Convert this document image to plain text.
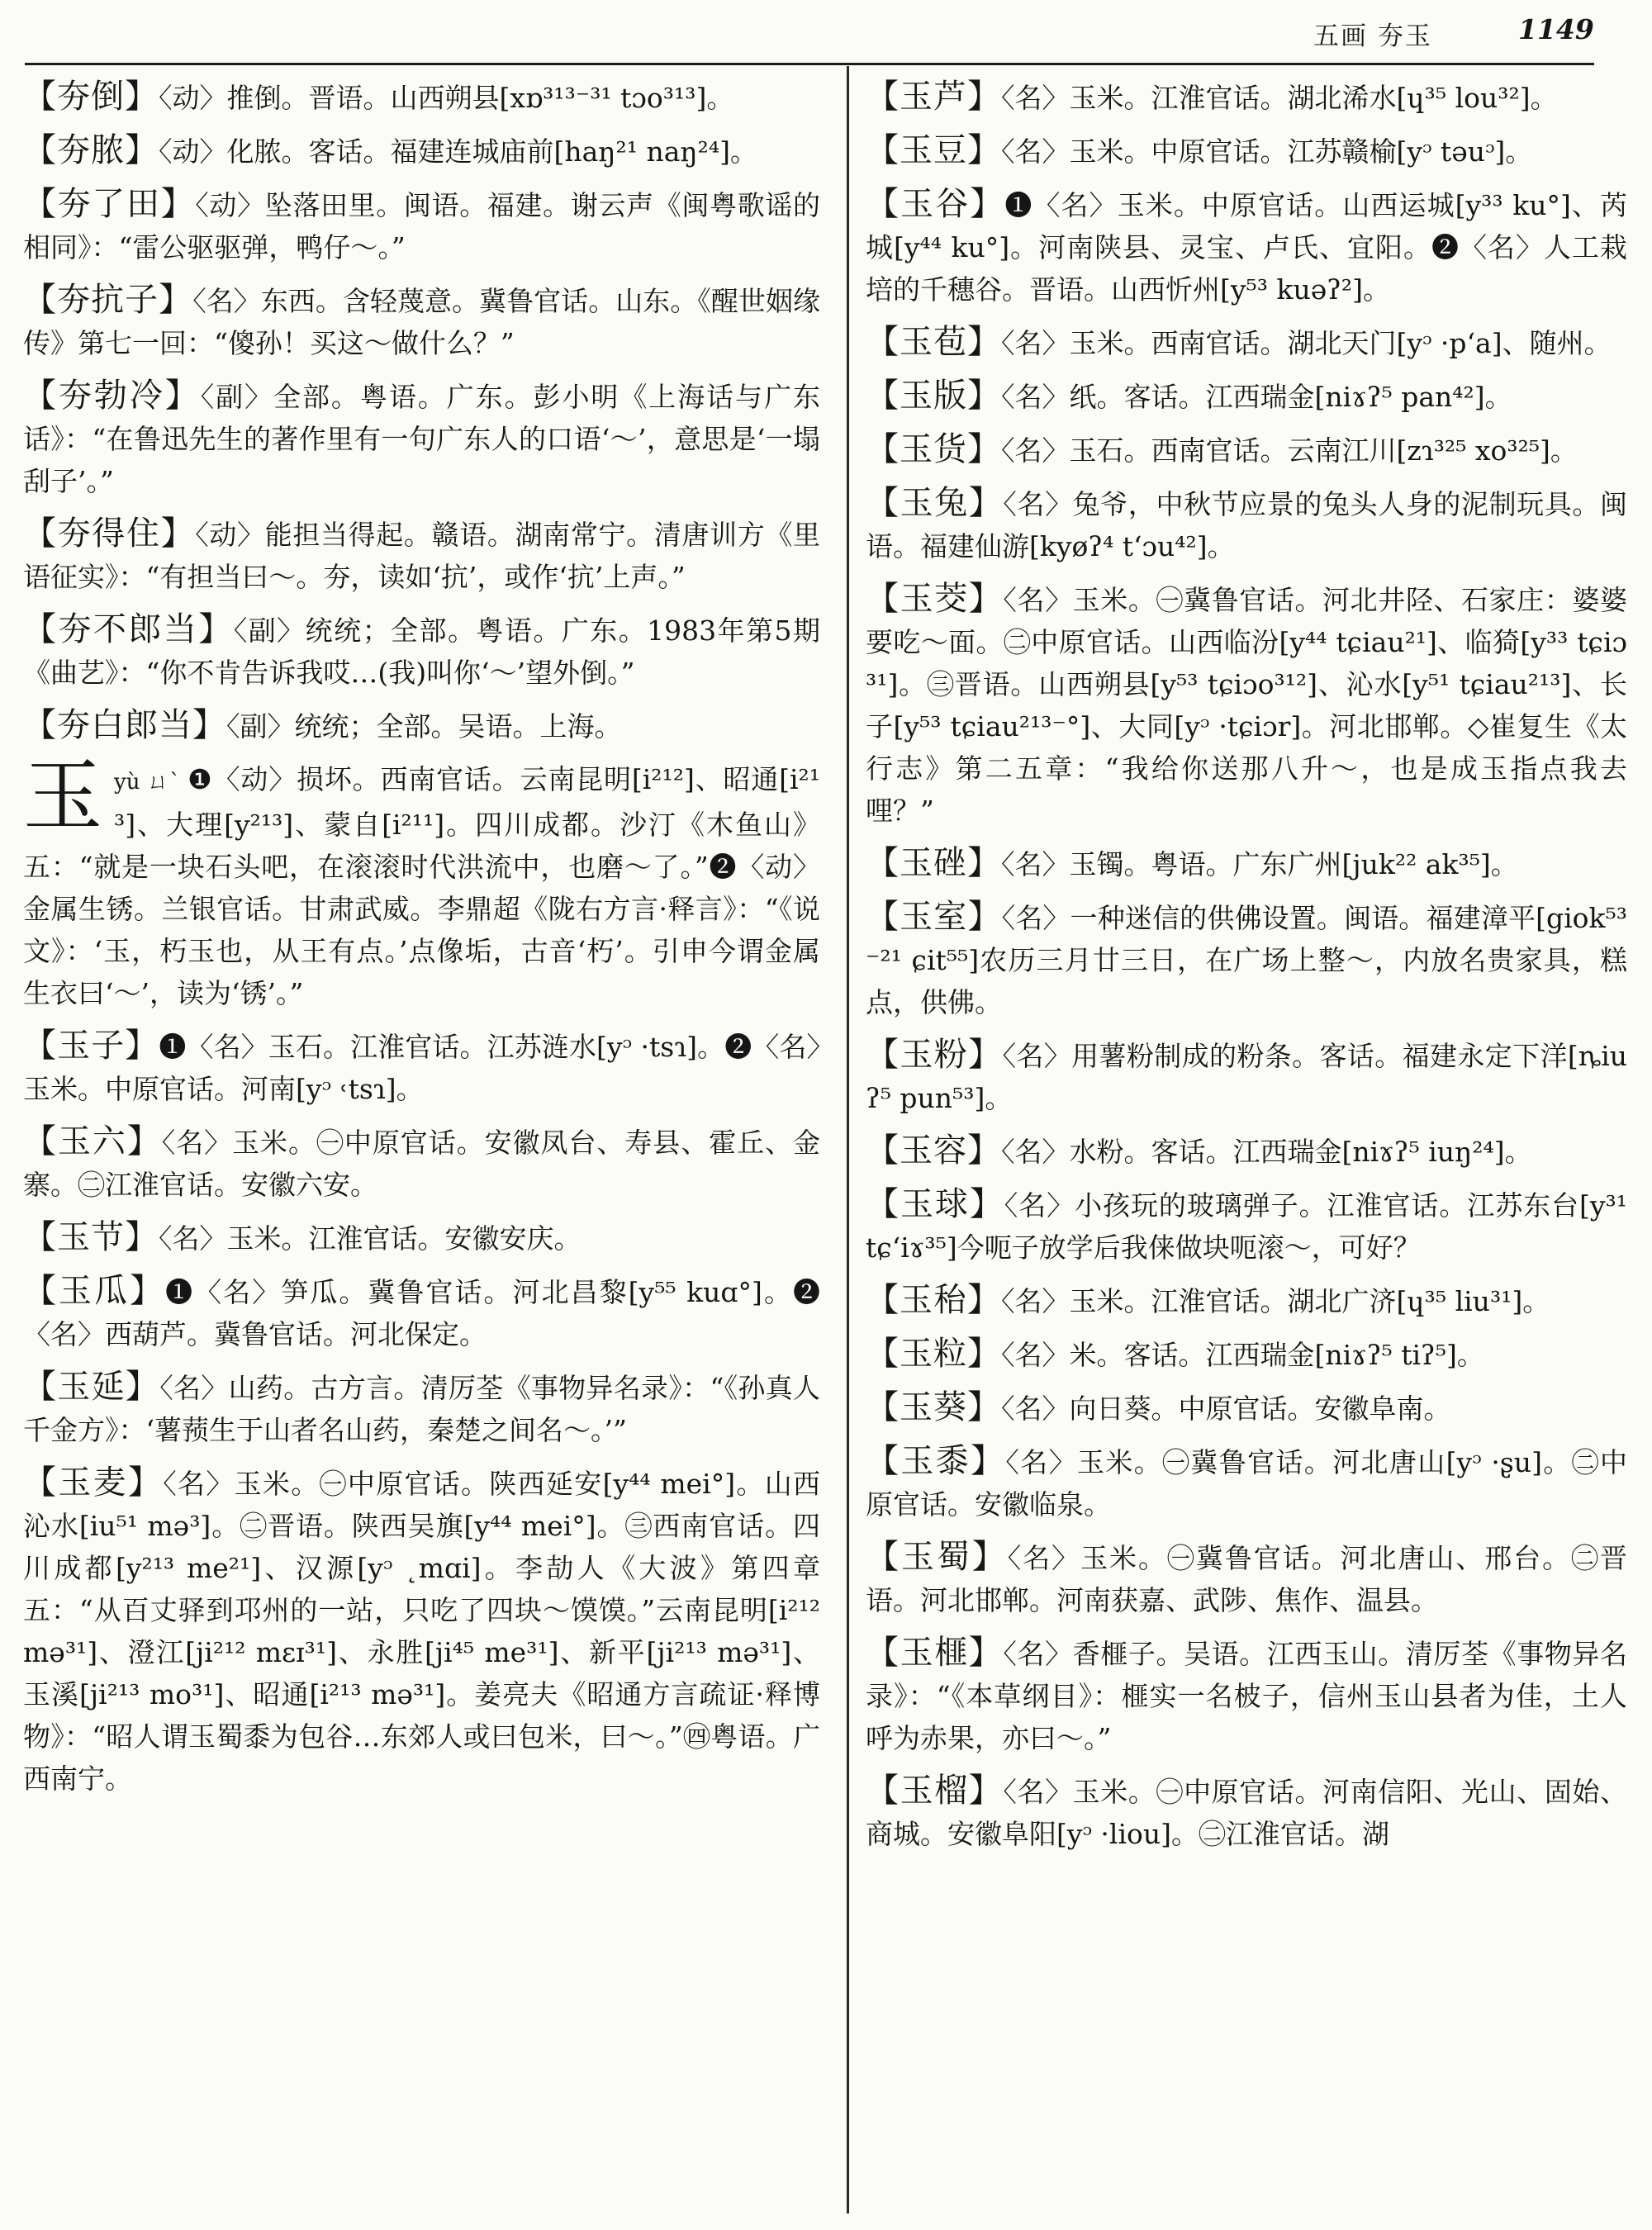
五画 夯玉	1149
【夯倒】〈动〉推倒。晋语。山西朔县[xɒ³¹³⁻³¹ tɔo³¹³]。
【夯脓】〈动〉化脓。客话。福建连城庙前[haŋ²¹ naŋ²⁴]。
【夯了田】〈动〉坠落田里。闽语。福建。谢云声《闽粤歌谣的相同》：“雷公驱驱弹，鸭仔～。”
【夯抗子】〈名〉东西。含轻蔑意。冀鲁官话。山东。《醒世姻缘传》第七一回：“傻孙！买这～做什么？”
【夯勃冷】〈副〉全部。粤语。广东。彭小明《上海话与广东话》：“在鲁迅先生的著作里有一句广东人的口语‘～’，意思是‘一塌刮子’。”
【夯得住】〈动〉能担当得起。赣语。湖南常宁。清唐训方《里语征实》：“有担当曰～。夯，读如‘抗’，或作‘抗’上声。”
【夯不郎当】〈副〉统统；全部。粤语。广东。1983年第5期《曲艺》：“你不肯告诉我哎…(我)叫你‘～’望外倒。”
【夯白郎当】〈副〉统统；全部。吴语。上海。
玉 yù ㄩˋ ❶〈动〉损坏。西南官话。云南昆明[i²¹²]、昭通[i²¹³]、大理[y²¹³]、蒙自[i²¹¹]。四川成都。沙汀《木鱼山》五：“就是一块石头吧，在滚滚时代洪流中，也磨～了。”❷〈动〉金属生锈。兰银官话。甘肃武威。李鼎超《陇右方言·释言》：“《说文》：‘玉，朽玉也，从王有点。’点像垢，古音‘朽’。引申今谓金属生衣曰‘～’，读为‘锈’。”
【玉子】❶〈名〉玉石。江淮官话。江苏涟水[yᵓ ·tsɿ]。❷〈名〉玉米。中原官话。河南[yᵓ ˓tsɿ]。
【玉六】〈名〉玉米。㊀中原官话。安徽凤台、寿县、霍丘、金寨。㊁江淮官话。安徽六安。
【玉节】〈名〉玉米。江淮官话。安徽安庆。
【玉瓜】❶〈名〉笋瓜。冀鲁官话。河北昌黎[y⁵⁵ kuɑ°]。❷〈名〉西葫芦。冀鲁官话。河北保定。
【玉延】〈名〉山药。古方言。清厉荃《事物异名录》：“《孙真人千金方》：‘薯蓣生于山者名山药，秦楚之间名～。’”
【玉麦】〈名〉玉米。㊀中原官话。陕西延安[y⁴⁴ mei°]。山西沁水[iu⁵¹ mə³]。㊁晋语。陕西吴旗[y⁴⁴ mei°]。㊂西南官话。四川成都[y²¹³ me²¹]、汉源[yᵓ ˛mɑi]。李劼人《大波》第四章五：“从百丈驿到邛州的一站，只吃了四块～馍馍。”云南昆明[i²¹² mə³¹]、澄江[ji²¹² mɛɪ³¹]、永胜[ji⁴⁵ me³¹]、新平[ji²¹³ mə³¹]、玉溪[ji²¹³ mo³¹]、昭通[i²¹³ mə³¹]。姜亮夫《昭通方言疏证·释博物》：“昭人谓玉蜀黍为包谷…东郊人或曰包米，曰～。”㊃粤语。广西南宁。
【玉芦】〈名〉玉米。江淮官话。湖北浠水[ɥ³⁵ lou³²]。
【玉豆】〈名〉玉米。中原官话。江苏赣榆[yᵓ təuᵓ]。
【玉谷】❶〈名〉玉米。中原官话。山西运城[y³³ ku°]、芮城[y⁴⁴ ku°]。河南陕县、灵宝、卢氏、宜阳。❷〈名〉人工栽培的千穗谷。晋语。山西忻州[y⁵³ kuəʔ²]。
【玉苞】〈名〉玉米。西南官话。湖北天门[yᵓ ·p‘a]、随州。
【玉版】〈名〉纸。客话。江西瑞金[niɤʔ⁵ pan⁴²]。
【玉货】〈名〉玉石。西南官话。云南江川[zɿ³²⁵ xo³²⁵]。
【玉兔】〈名〉兔爷，中秋节应景的兔头人身的泥制玩具。闽语。福建仙游[kyøʔ⁴ t‘ɔu⁴²]。
【玉茭】〈名〉玉米。㊀冀鲁官话。河北井陉、石家庄：婆婆要吃～面。㊁中原官话。山西临汾[y⁴⁴ tɕiau²¹]、临猗[y³³ tɕiɔ³¹]。㊂晋语。山西朔县[y⁵³ tɕiɔo³¹²]、沁水[y⁵¹ tɕiau²¹³]、长子[y⁵³ tɕiau²¹³⁻°]、大同[yᵓ ·tɕiɔr]。河北邯郸。◇崔复生《太行志》第二五章：“我给你送那八升～，也是成玉指点我去哩？”
【玉䂳】〈名〉玉镯。粤语。广东广州[juk²² ak³⁵]。
【玉室】〈名〉一种迷信的供佛设置。闽语。福建漳平[giok⁵³⁻²¹ ɕit⁵⁵]农历三月廿三日，在广场上整～，内放名贵家具，糕点，供佛。
【玉粉】〈名〉用薯粉制成的粉条。客话。福建永定下洋[ȵiuʔ⁵ pun⁵³]。
【玉容】〈名〉水粉。客话。江西瑞金[niɤʔ⁵ iuŋ²⁴]。
【玉球】〈名〉小孩玩的玻璃弹子。江淮官话。江苏东台[y³¹ tɕ‘iɤ³⁵]今呃子放学后我俫做块呃滚～，可好？
【玉秮】〈名〉玉米。江淮官话。湖北广济[ɥ³⁵ liu³¹]。
【玉粒】〈名〉米。客话。江西瑞金[niɤʔ⁵ tiʔ⁵]。
【玉葵】〈名〉向日葵。中原官话。安徽阜南。
【玉黍】〈名〉玉米。㊀冀鲁官话。河北唐山[yᵓ ·ʂu]。㊁中原官话。安徽临泉。
【玉蜀】〈名〉玉米。㊀冀鲁官话。河北唐山、邢台。㊁晋语。河北邯郸。河南获嘉、武陟、焦作、温县。
【玉榧】〈名〉香榧子。吴语。江西玉山。清厉荃《事物异名录》：“《本草纲目》：榧实一名柀子，信州玉山县者为佳，土人呼为赤果，亦曰～。”
【玉榴】〈名〉玉米。㊀中原官话。河南信阳、光山、固始、商城。安徽阜阳[yᵓ ·liou]。㊁江淮官话。湖
